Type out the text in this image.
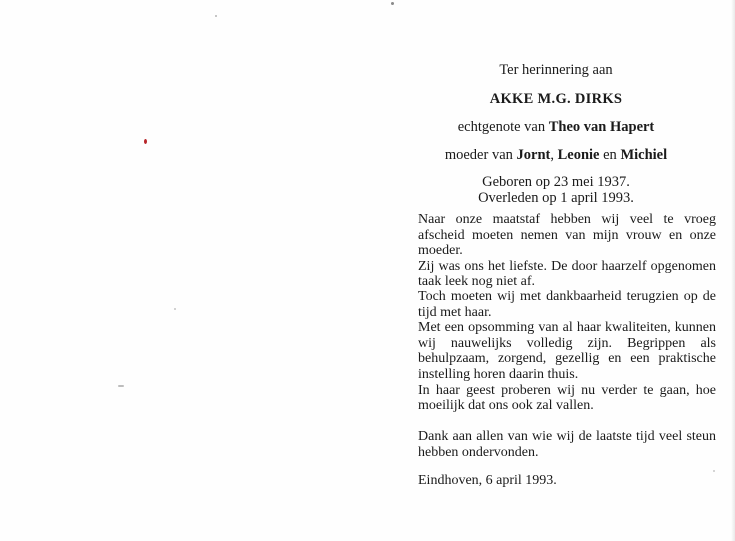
Ter herinnering aan
AKKE M.G. DIRKS
echtgenote van Theo van Hapert
moeder van Jornt, Leonie en Michiel
Geboren op 23 mei 1937.
Overleden op 1 april 1993.

Naar onze maatstaf hebben wij veel te vroeg afscheid moeten nemen van mijn vrouw en onze moeder.

Zij was ons het liefste. De door haarzelf opgenomen taak leek nog niet af.

Toch moeten wij met dankbaarheid terugzien op de tijd met haar.

Met een opsomming van al haar kwaliteiten, kunnen wij nauwelijks volledig zijn. Begrippen als behulpzaam, zorgend, gezellig en een praktische instelling horen daarin thuis.

In haar geest proberen wij nu verder te gaan, hoe moeilijk dat ons ook zal vallen.

Dank aan allen van wie wij de laatste tijd veel steun hebben ondervonden.

Eindhoven, 6 april 1993.
